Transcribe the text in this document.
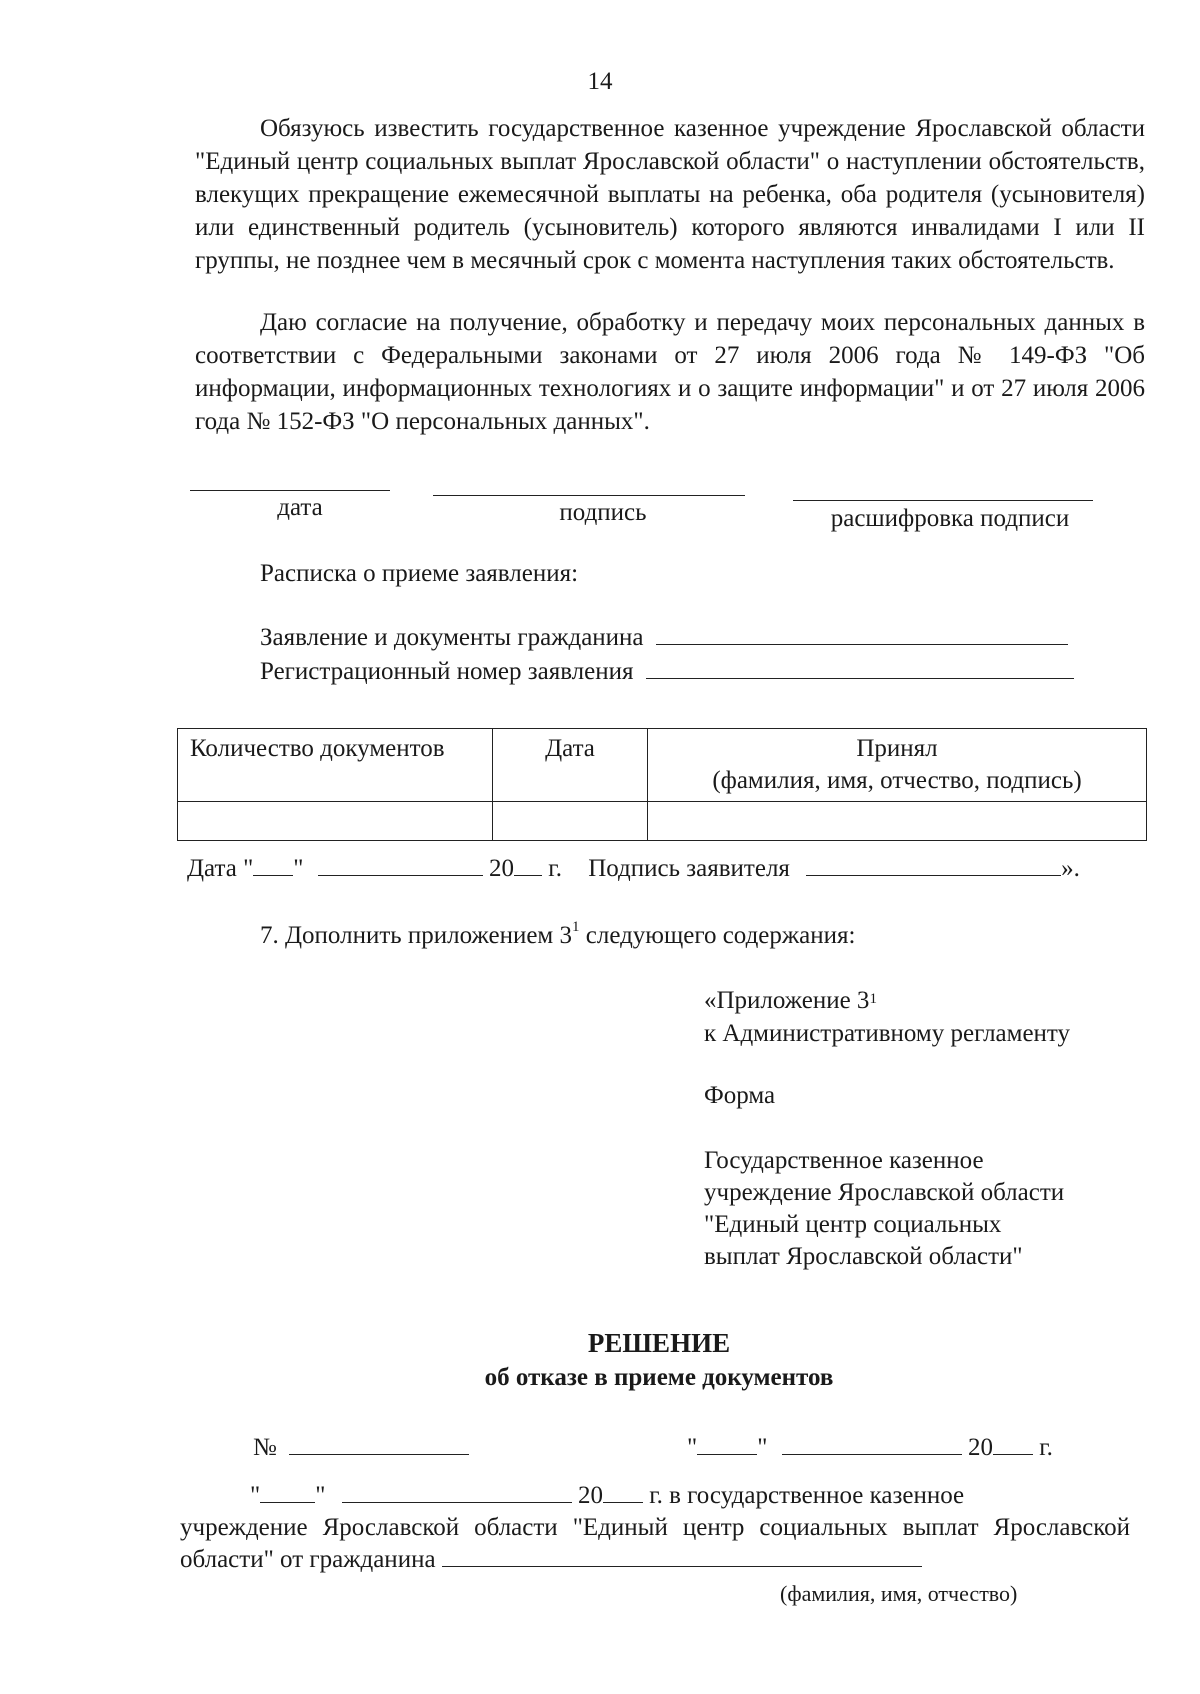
14

Обязуюсь известить государственное казенное учреждение Ярославской области "Единый центр социальных выплат Ярославской области" о наступлении обстоятельств, влекущих прекращение ежемесячной выплаты на ребенка, оба родителя (усыновителя) или единственный родитель (усыновитель) которого являются инвалидами I или II группы, не позднее чем в месячный срок с момента наступления таких обстоятельств.

Даю согласие на получение, обработку и передачу моих персональных данных в соответствии с Федеральными законами от 27 июля 2006 года № 149-ФЗ "Об информации, информационных технологиях и о защите информации" и от 27 июля 2006 года № 152-ФЗ "О персональных данных".

дата	подпись	расшифровка подписи
Расписка о приеме заявления:
Заявление и документы гражданина
Регистрационный номер заявления
Количество документов	Дата	Принял
(фамилия, имя, отчество, подпись)

Дата " "	20 г. Подпись заявителя	».
7. Дополнить приложением $3^1$ следующего содержания:
«Приложение $3^1$
к Административному регламенту
Форма
Государственное казенное
учреждение Ярославской области
"Единый центр социальных
выплат Ярославской области"
РЕШЕНИЕ
об отказе в приеме документов
№	" "	20 г.
" "	20 г. в государственное казенное
учреждение Ярославской области "Единый центр социальных выплат Ярославской области" от гражданина
(фамилия, имя, отчество)
